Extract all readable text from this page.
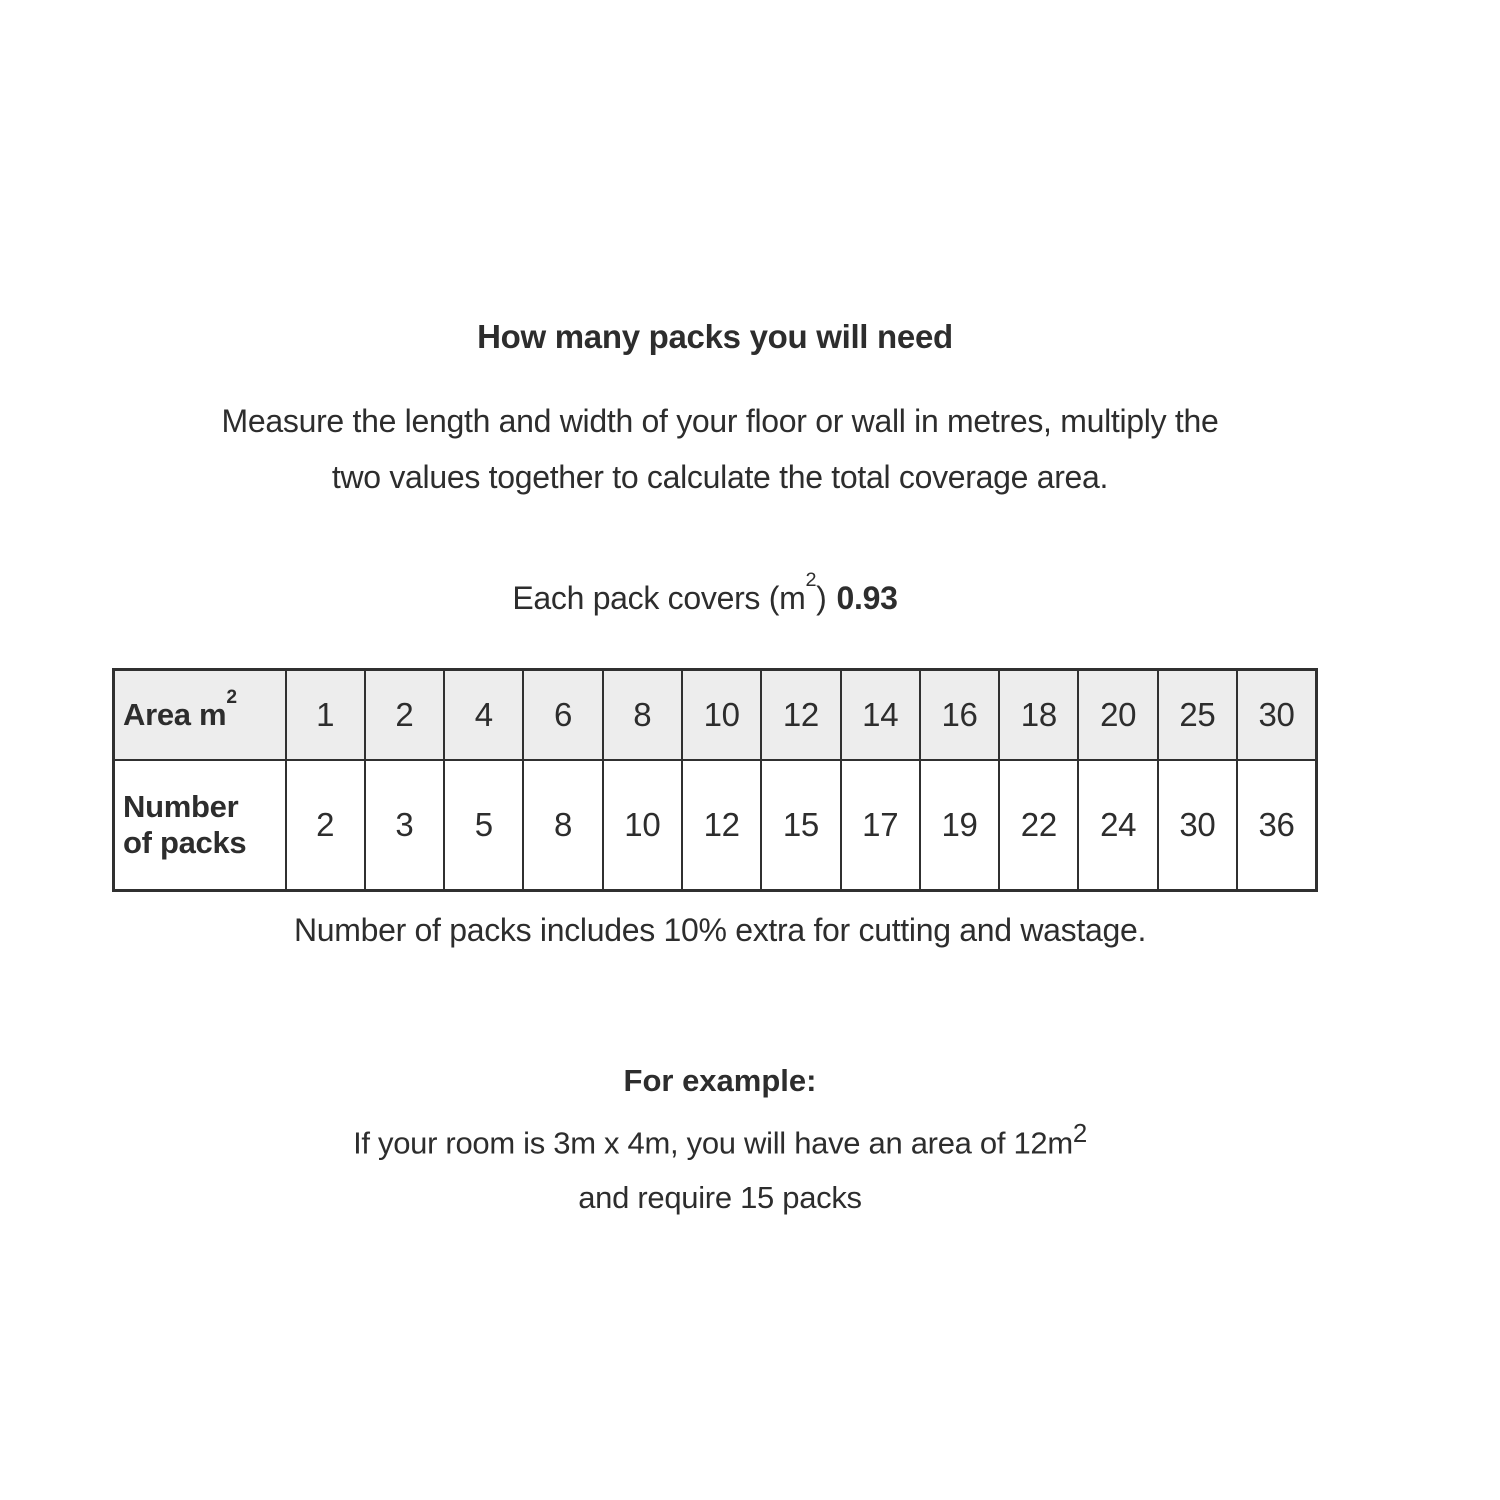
How many packs you will need
Measure the length and width of your floor or wall in metres, multiply the
two values together to calculate the total coverage area.
Each pack covers $(m^2)$ 0.93
Area $m^2$	1	2	4	6	8	10	12	14	16	18	20	25	30
Number
of packs	2	3	5	8	10	12	15	17	19	22	24	30	36
Number of packs includes 10% extra for cutting and wastage.
For example:
If your room is 3m x 4m, you will have an area of $12m^2$
and require 15 packs
